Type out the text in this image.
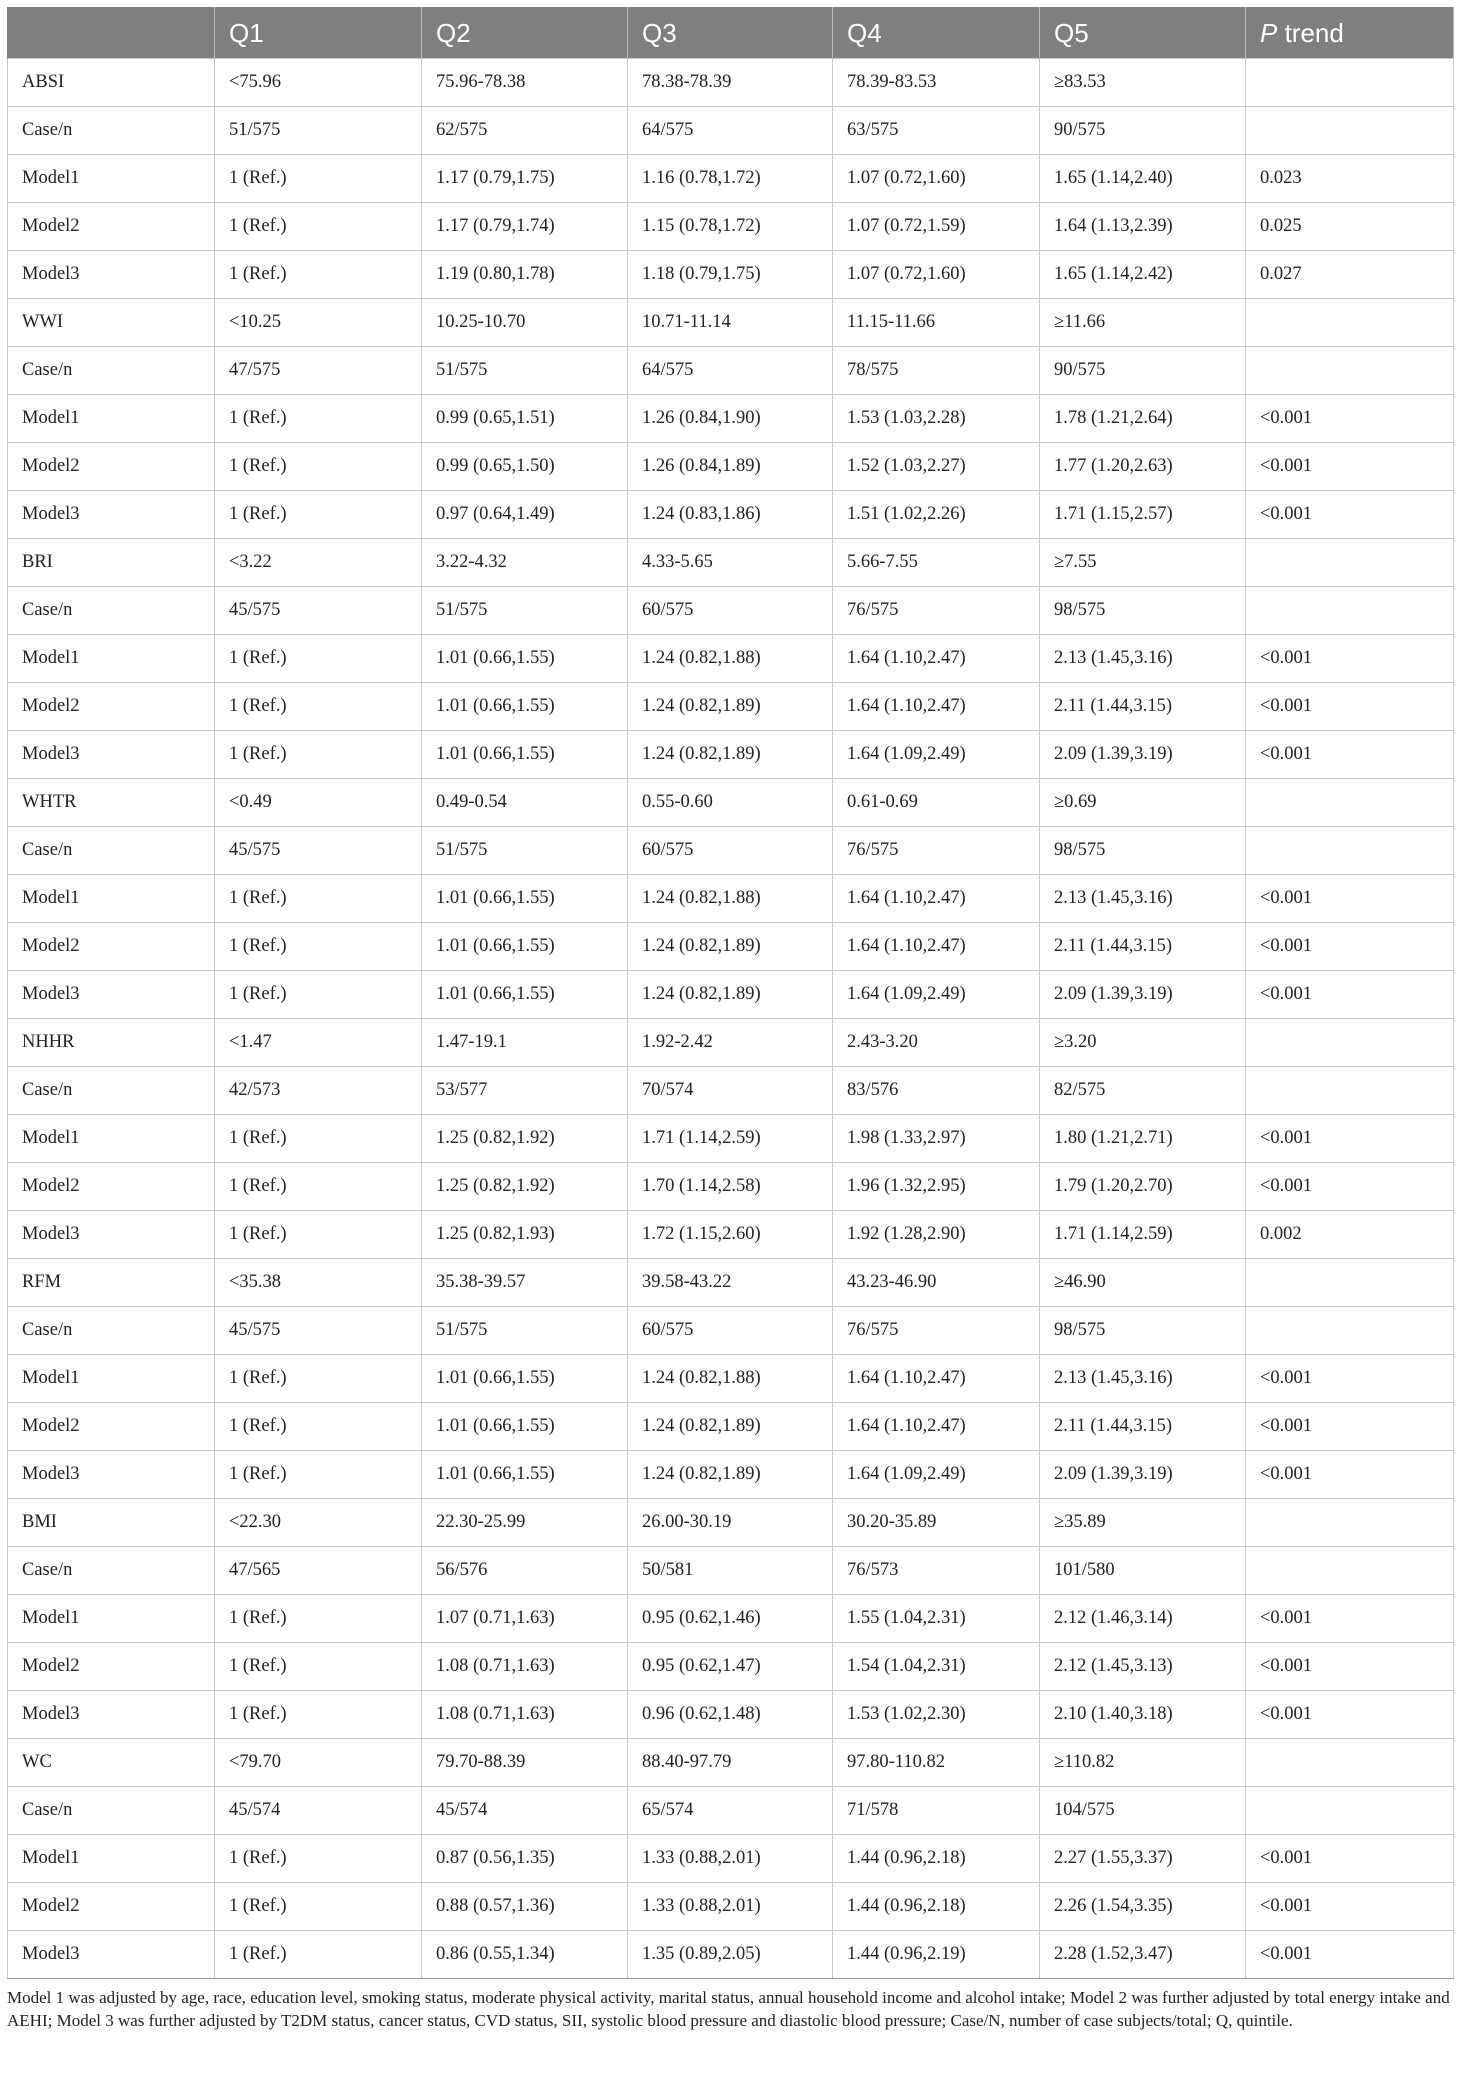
	Q1	Q2	Q3	Q4	Q5	P trend
ABSI	<75.96	75.96-78.38	78.38-78.39	78.39-83.53	≥83.53	
Case/n	51/575	62/575	64/575	63/575	90/575	
Model1	1 (Ref.)	1.17 (0.79,1.75)	1.16 (0.78,1.72)	1.07 (0.72,1.60)	1.65 (1.14,2.40)	0.023
Model2	1 (Ref.)	1.17 (0.79,1.74)	1.15 (0.78,1.72)	1.07 (0.72,1.59)	1.64 (1.13,2.39)	0.025
Model3	1 (Ref.)	1.19 (0.80,1.78)	1.18 (0.79,1.75)	1.07 (0.72,1.60)	1.65 (1.14,2.42)	0.027
WWI	<10.25	10.25-10.70	10.71-11.14	11.15-11.66	≥11.66	
Case/n	47/575	51/575	64/575	78/575	90/575	
Model1	1 (Ref.)	0.99 (0.65,1.51)	1.26 (0.84,1.90)	1.53 (1.03,2.28)	1.78 (1.21,2.64)	<0.001
Model2	1 (Ref.)	0.99 (0.65,1.50)	1.26 (0.84,1.89)	1.52 (1.03,2.27)	1.77 (1.20,2.63)	<0.001
Model3	1 (Ref.)	0.97 (0.64,1.49)	1.24 (0.83,1.86)	1.51 (1.02,2.26)	1.71 (1.15,2.57)	<0.001
BRI	<3.22	3.22-4.32	4.33-5.65	5.66-7.55	≥7.55	
Case/n	45/575	51/575	60/575	76/575	98/575	
Model1	1 (Ref.)	1.01 (0.66,1.55)	1.24 (0.82,1.88)	1.64 (1.10,2.47)	2.13 (1.45,3.16)	<0.001
Model2	1 (Ref.)	1.01 (0.66,1.55)	1.24 (0.82,1.89)	1.64 (1.10,2.47)	2.11 (1.44,3.15)	<0.001
Model3	1 (Ref.)	1.01 (0.66,1.55)	1.24 (0.82,1.89)	1.64 (1.09,2.49)	2.09 (1.39,3.19)	<0.001
WHTR	<0.49	0.49-0.54	0.55-0.60	0.61-0.69	≥0.69	
Case/n	45/575	51/575	60/575	76/575	98/575	
Model1	1 (Ref.)	1.01 (0.66,1.55)	1.24 (0.82,1.88)	1.64 (1.10,2.47)	2.13 (1.45,3.16)	<0.001
Model2	1 (Ref.)	1.01 (0.66,1.55)	1.24 (0.82,1.89)	1.64 (1.10,2.47)	2.11 (1.44,3.15)	<0.001
Model3	1 (Ref.)	1.01 (0.66,1.55)	1.24 (0.82,1.89)	1.64 (1.09,2.49)	2.09 (1.39,3.19)	<0.001
NHHR	<1.47	1.47-19.1	1.92-2.42	2.43-3.20	≥3.20	
Case/n	42/573	53/577	70/574	83/576	82/575	
Model1	1 (Ref.)	1.25 (0.82,1.92)	1.71 (1.14,2.59)	1.98 (1.33,2.97)	1.80 (1.21,2.71)	<0.001
Model2	1 (Ref.)	1.25 (0.82,1.92)	1.70 (1.14,2.58)	1.96 (1.32,2.95)	1.79 (1.20,2.70)	<0.001
Model3	1 (Ref.)	1.25 (0.82,1.93)	1.72 (1.15,2.60)	1.92 (1.28,2.90)	1.71 (1.14,2.59)	0.002
RFM	<35.38	35.38-39.57	39.58-43.22	43.23-46.90	≥46.90	
Case/n	45/575	51/575	60/575	76/575	98/575	
Model1	1 (Ref.)	1.01 (0.66,1.55)	1.24 (0.82,1.88)	1.64 (1.10,2.47)	2.13 (1.45,3.16)	<0.001
Model2	1 (Ref.)	1.01 (0.66,1.55)	1.24 (0.82,1.89)	1.64 (1.10,2.47)	2.11 (1.44,3.15)	<0.001
Model3	1 (Ref.)	1.01 (0.66,1.55)	1.24 (0.82,1.89)	1.64 (1.09,2.49)	2.09 (1.39,3.19)	<0.001
BMI	<22.30	22.30-25.99	26.00-30.19	30.20-35.89	≥35.89	
Case/n	47/565	56/576	50/581	76/573	101/580	
Model1	1 (Ref.)	1.07 (0.71,1.63)	0.95 (0.62,1.46)	1.55 (1.04,2.31)	2.12 (1.46,3.14)	<0.001
Model2	1 (Ref.)	1.08 (0.71,1.63)	0.95 (0.62,1.47)	1.54 (1.04,2.31)	2.12 (1.45,3.13)	<0.001
Model3	1 (Ref.)	1.08 (0.71,1.63)	0.96 (0.62,1.48)	1.53 (1.02,2.30)	2.10 (1.40,3.18)	<0.001
WC	<79.70	79.70-88.39	88.40-97.79	97.80-110.82	≥110.82	
Case/n	45/574	45/574	65/574	71/578	104/575	
Model1	1 (Ref.)	0.87 (0.56,1.35)	1.33 (0.88,2.01)	1.44 (0.96,2.18)	2.27 (1.55,3.37)	<0.001
Model2	1 (Ref.)	0.88 (0.57,1.36)	1.33 (0.88,2.01)	1.44 (0.96,2.18)	2.26 (1.54,3.35)	<0.001
Model3	1 (Ref.)	0.86 (0.55,1.34)	1.35 (0.89,2.05)	1.44 (0.96,2.19)	2.28 (1.52,3.47)	<0.001
Model 1 was adjusted by age, race, education level, smoking status, moderate physical activity, marital status, annual household income and alcohol intake; Model 2 was further adjusted by total energy intake and AEHI; Model 3 was further adjusted by T2DM status, cancer status, CVD status, SII, systolic blood pressure and diastolic blood pressure; Case/N, number of case subjects/total; Q, quintile.
